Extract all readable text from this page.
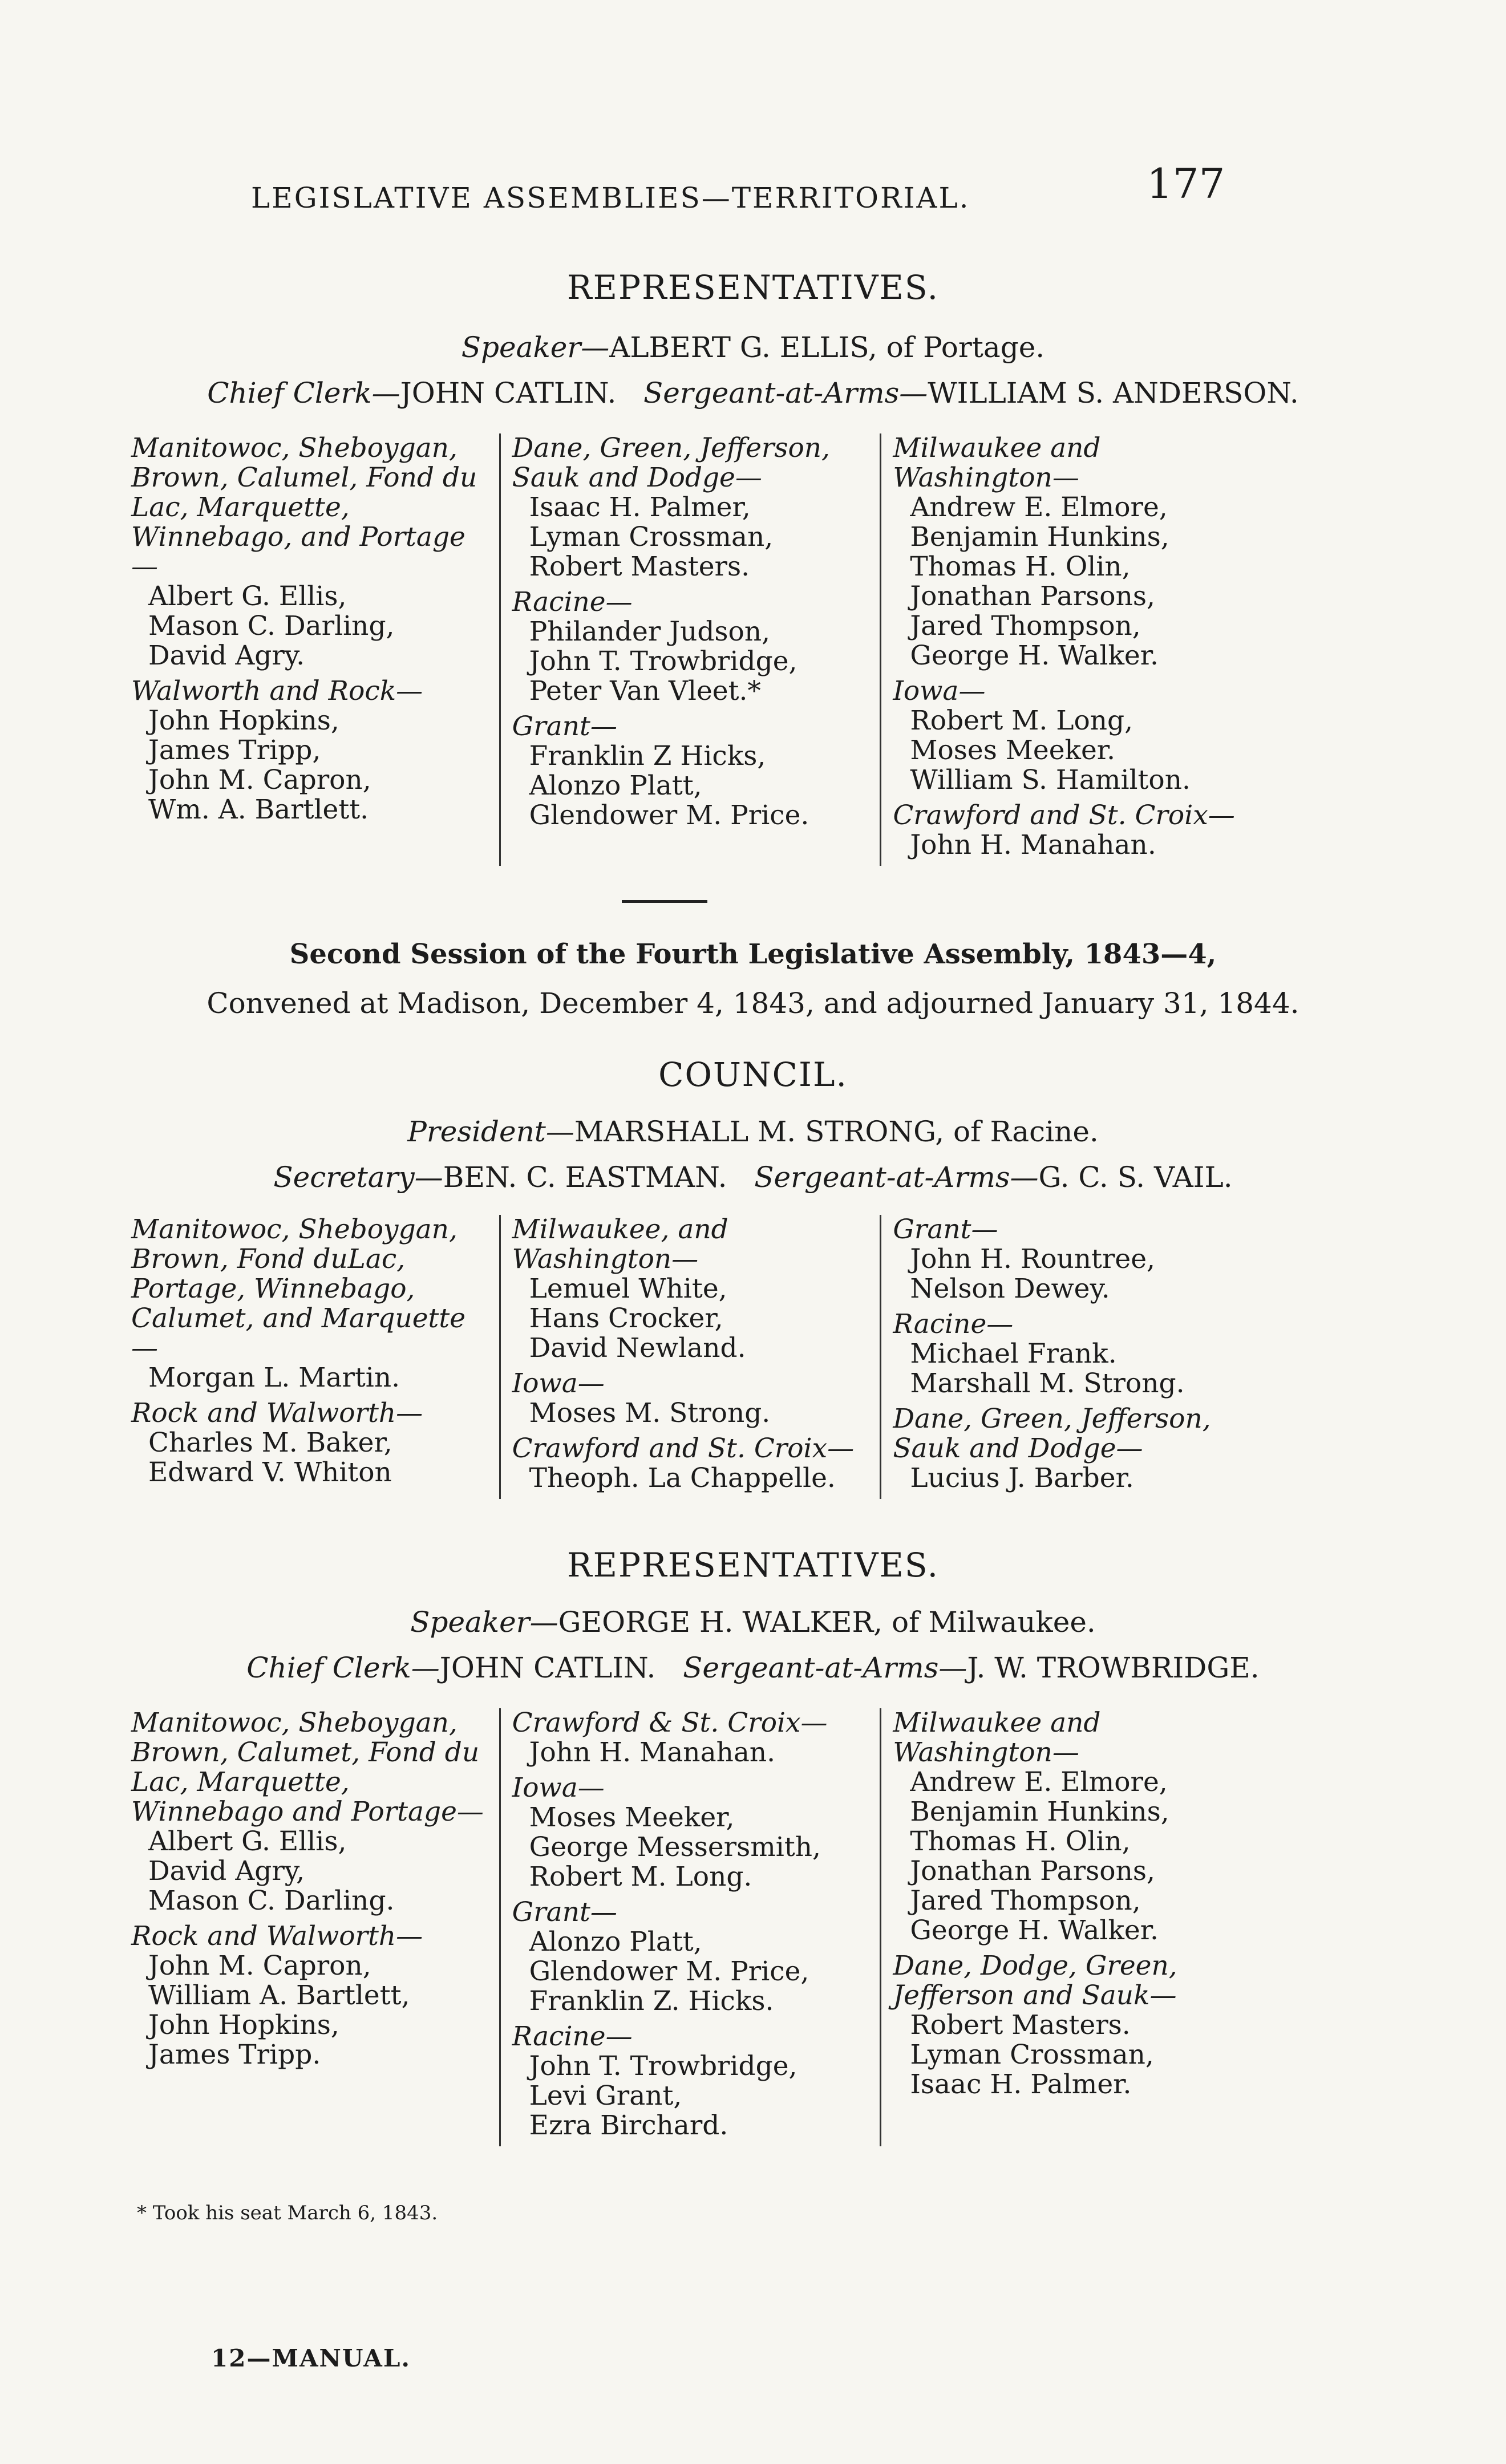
LEGISLATIVE ASSEMBLIES—TERRITORIAL.	177
REPRESENTATIVES.
Speaker—ALBERT G. ELLIS, of Portage.
Chief Clerk—JOHN CATLIN. Sergeant-at-Arms—WILLIAM S. ANDERSON.
Manitowoc, Sheboygan, Brown, Calumel, Fond du Lac, Marquette, Winnebago, and Portage—
Albert G. Ellis,
Mason C. Darling,
David Agry.
Walworth and Rock—
John Hopkins,
James Tripp,
John M. Capron,
Wm. A. Bartlett.
Dane, Green, Jefferson, Sauk and Dodge—
Isaac H. Palmer,
Lyman Crossman,
Robert Masters.
Racine—
Philander Judson,
John T. Trowbridge,
Peter Van Vleet.*
Grant—
Franklin Z Hicks,
Alonzo Platt,
Glendower M. Price.
Milwaukee and Washington—
Andrew E. Elmore,
Benjamin Hunkins,
Thomas H. Olin,
Jonathan Parsons,
Jared Thompson,
George H. Walker.
Iowa—
Robert M. Long,
Moses Meeker.
William S. Hamilton.
Crawford and St. Croix—
John H. Manahan.
Second Session of the Fourth Legislative Assembly, 1843—4,
Convened at Madison, December 4, 1843, and adjourned January 31, 1844.
COUNCIL.
President—MARSHALL M. STRONG, of Racine.
Secretary—BEN. C. EASTMAN. Sergeant-at-Arms—G. C. S. VAIL.
Manitowoc, Sheboygan, Brown, Fond duLac, Portage, Winnebago, Calumet, and Marquette—
Morgan L. Martin.
Rock and Walworth—
Charles M. Baker,
Edward V. Whiton
Milwaukee, and Washington—
Lemuel White,
Hans Crocker,
David Newland.
Iowa—
Moses M. Strong.
Crawford and St. Croix—
Theoph. La Chappelle.
Grant—
John H. Rountree,
Nelson Dewey.
Racine—
Michael Frank.
Marshall M. Strong.
Dane, Green, Jefferson, Sauk and Dodge—
Lucius J. Barber.
REPRESENTATIVES.
Speaker—GEORGE H. WALKER, of Milwaukee.
Chief Clerk—JOHN CATLIN. Sergeant-at-Arms—J. W. TROWBRIDGE.
Manitowoc, Sheboygan, Brown, Calumet, Fond du Lac, Marquette, Winnebago and Portage—
Albert G. Ellis,
David Agry,
Mason C. Darling.
Rock and Walworth—
John M. Capron,
William A. Bartlett,
John Hopkins,
James Tripp.
Crawford & St. Croix—
John H. Manahan.
Iowa—
Moses Meeker,
George Messersmith,
Robert M. Long.
Grant—
Alonzo Platt,
Glendower M. Price,
Franklin Z. Hicks.
Racine—
John T. Trowbridge,
Levi Grant,
Ezra Birchard.
Milwaukee and Washington—
Andrew E. Elmore,
Benjamin Hunkins,
Thomas H. Olin,
Jonathan Parsons,
Jared Thompson,
George H. Walker.
Dane, Dodge, Green, Jefferson and Sauk—
Robert Masters.
Lyman Crossman,
Isaac H. Palmer.
* Took his seat March 6, 1843.
12—MANUAL.
